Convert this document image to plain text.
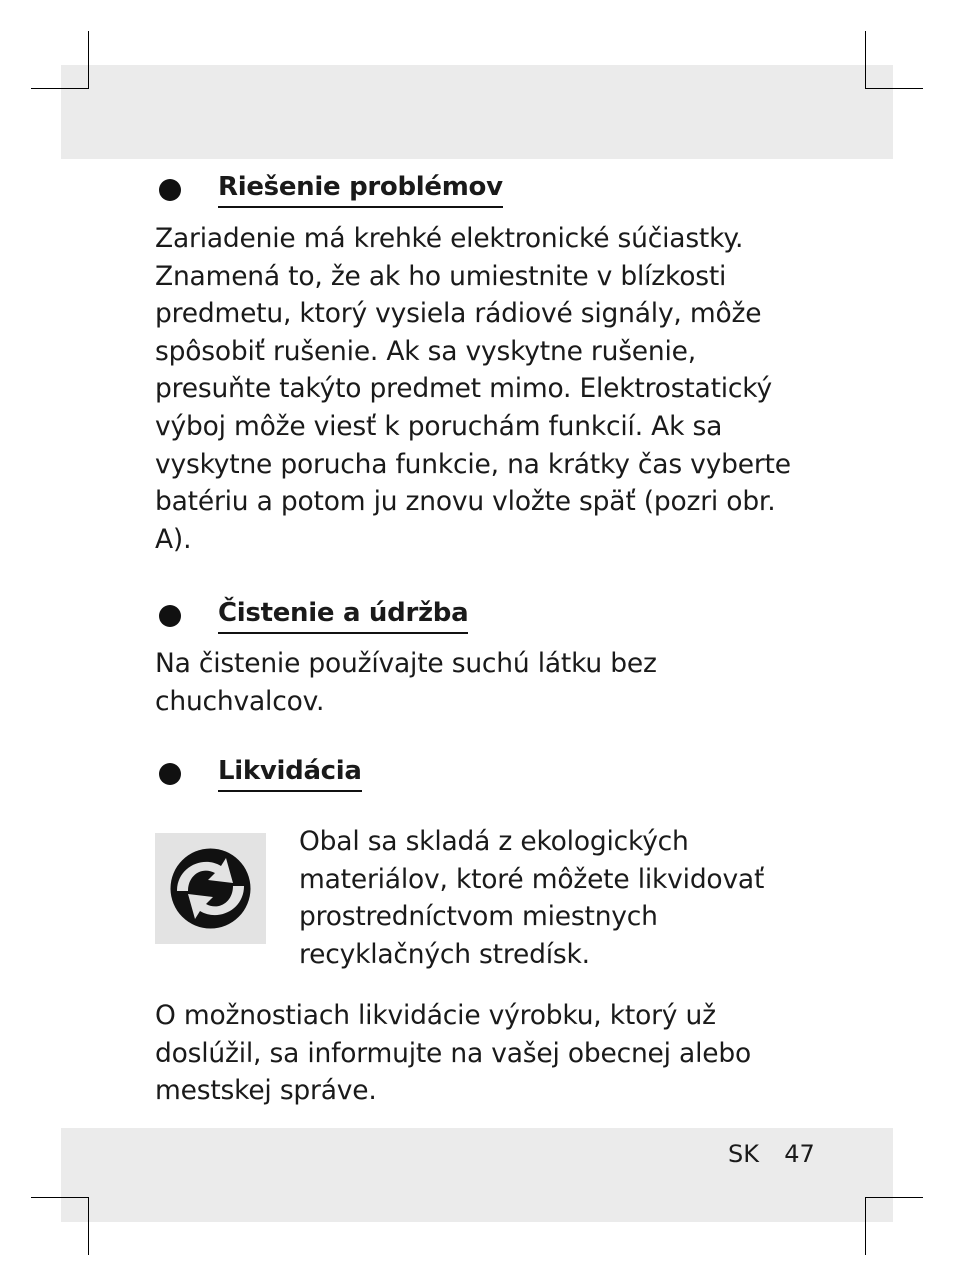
Riešenie problémov

Zariadenie má krehké elektronické súčiastky.
Znamená to, že ak ho umiestnite v blízkosti
predmetu, ktorý vysiela rádiové signály, môže
spôsobiť rušenie. Ak sa vyskytne rušenie,
presuňte takýto predmet mimo. Elektrostatický
výboj môže viesť k poruchám funkcií. Ak sa
vyskytne porucha funkcie, na krátky čas vyberte
batériu a potom ju znovu vložte späť (pozri obr.
A).

Čistenie a údržba

Na čistenie používajte suchú látku bez
chuchvalcov.

Likvidácia

Obal sa skladá z ekologických
materiálov, ktoré môžete likvidovať
prostredníctvom miestnych
recyklačných stredísk.

O možnostiach likvidácie výrobku, ktorý už
doslúžil, sa informujte na vašej obecnej alebo
mestskej správe.

SK 47
